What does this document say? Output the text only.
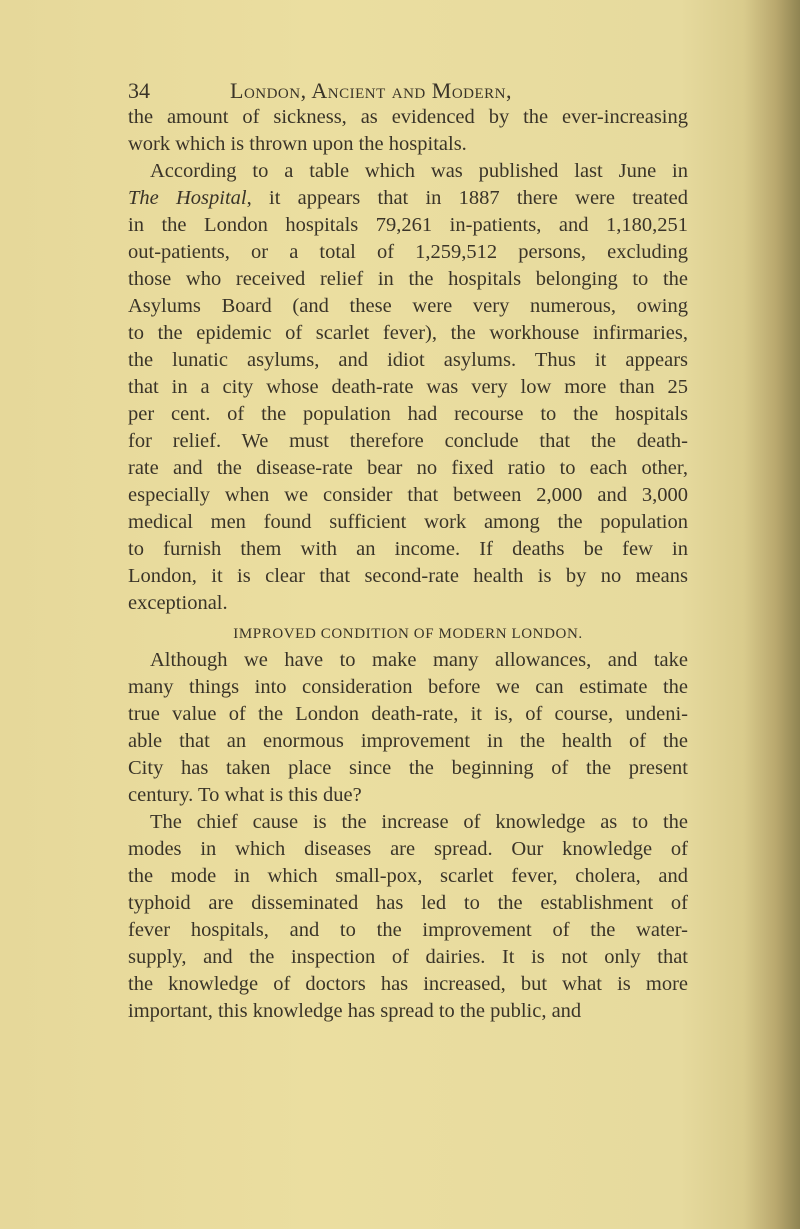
34	London, Ancient and Modern,
the amount of sickness, as evidenced by the ever-increasing
work which is thrown upon the hospitals.
According to a table which was published last June in
The Hospital, it appears that in 1887 there were treated
in the London hospitals 79,261 in-patients, and 1,180,251
out-patients, or a total of 1,259,512 persons, excluding
those who received relief in the hospitals belonging to the
Asylums Board (and these were very numerous, owing
to the epidemic of scarlet fever), the workhouse infirmaries,
the lunatic asylums, and idiot asylums. Thus it appears
that in a city whose death-rate was very low more than 25
per cent. of the population had recourse to the hospitals
for relief. We must therefore conclude that the death-
rate and the disease-rate bear no fixed ratio to each other,
especially when we consider that between 2,000 and 3,000
medical men found sufficient work among the population
to furnish them with an income. If deaths be few in
London, it is clear that second-rate health is by no means
exceptional.
IMPROVED CONDITION OF MODERN LONDON.
Although we have to make many allowances, and take
many things into consideration before we can estimate the
true value of the London death-rate, it is, of course, undeni-
able that an enormous improvement in the health of the
City has taken place since the beginning of the present
century. To what is this due?
The chief cause is the increase of knowledge as to the
modes in which diseases are spread. Our knowledge of
the mode in which small-pox, scarlet fever, cholera, and
typhoid are disseminated has led to the establishment of
fever hospitals, and to the improvement of the water-
supply, and the inspection of dairies. It is not only that
the knowledge of doctors has increased, but what is more
important, this knowledge has spread to the public, and
